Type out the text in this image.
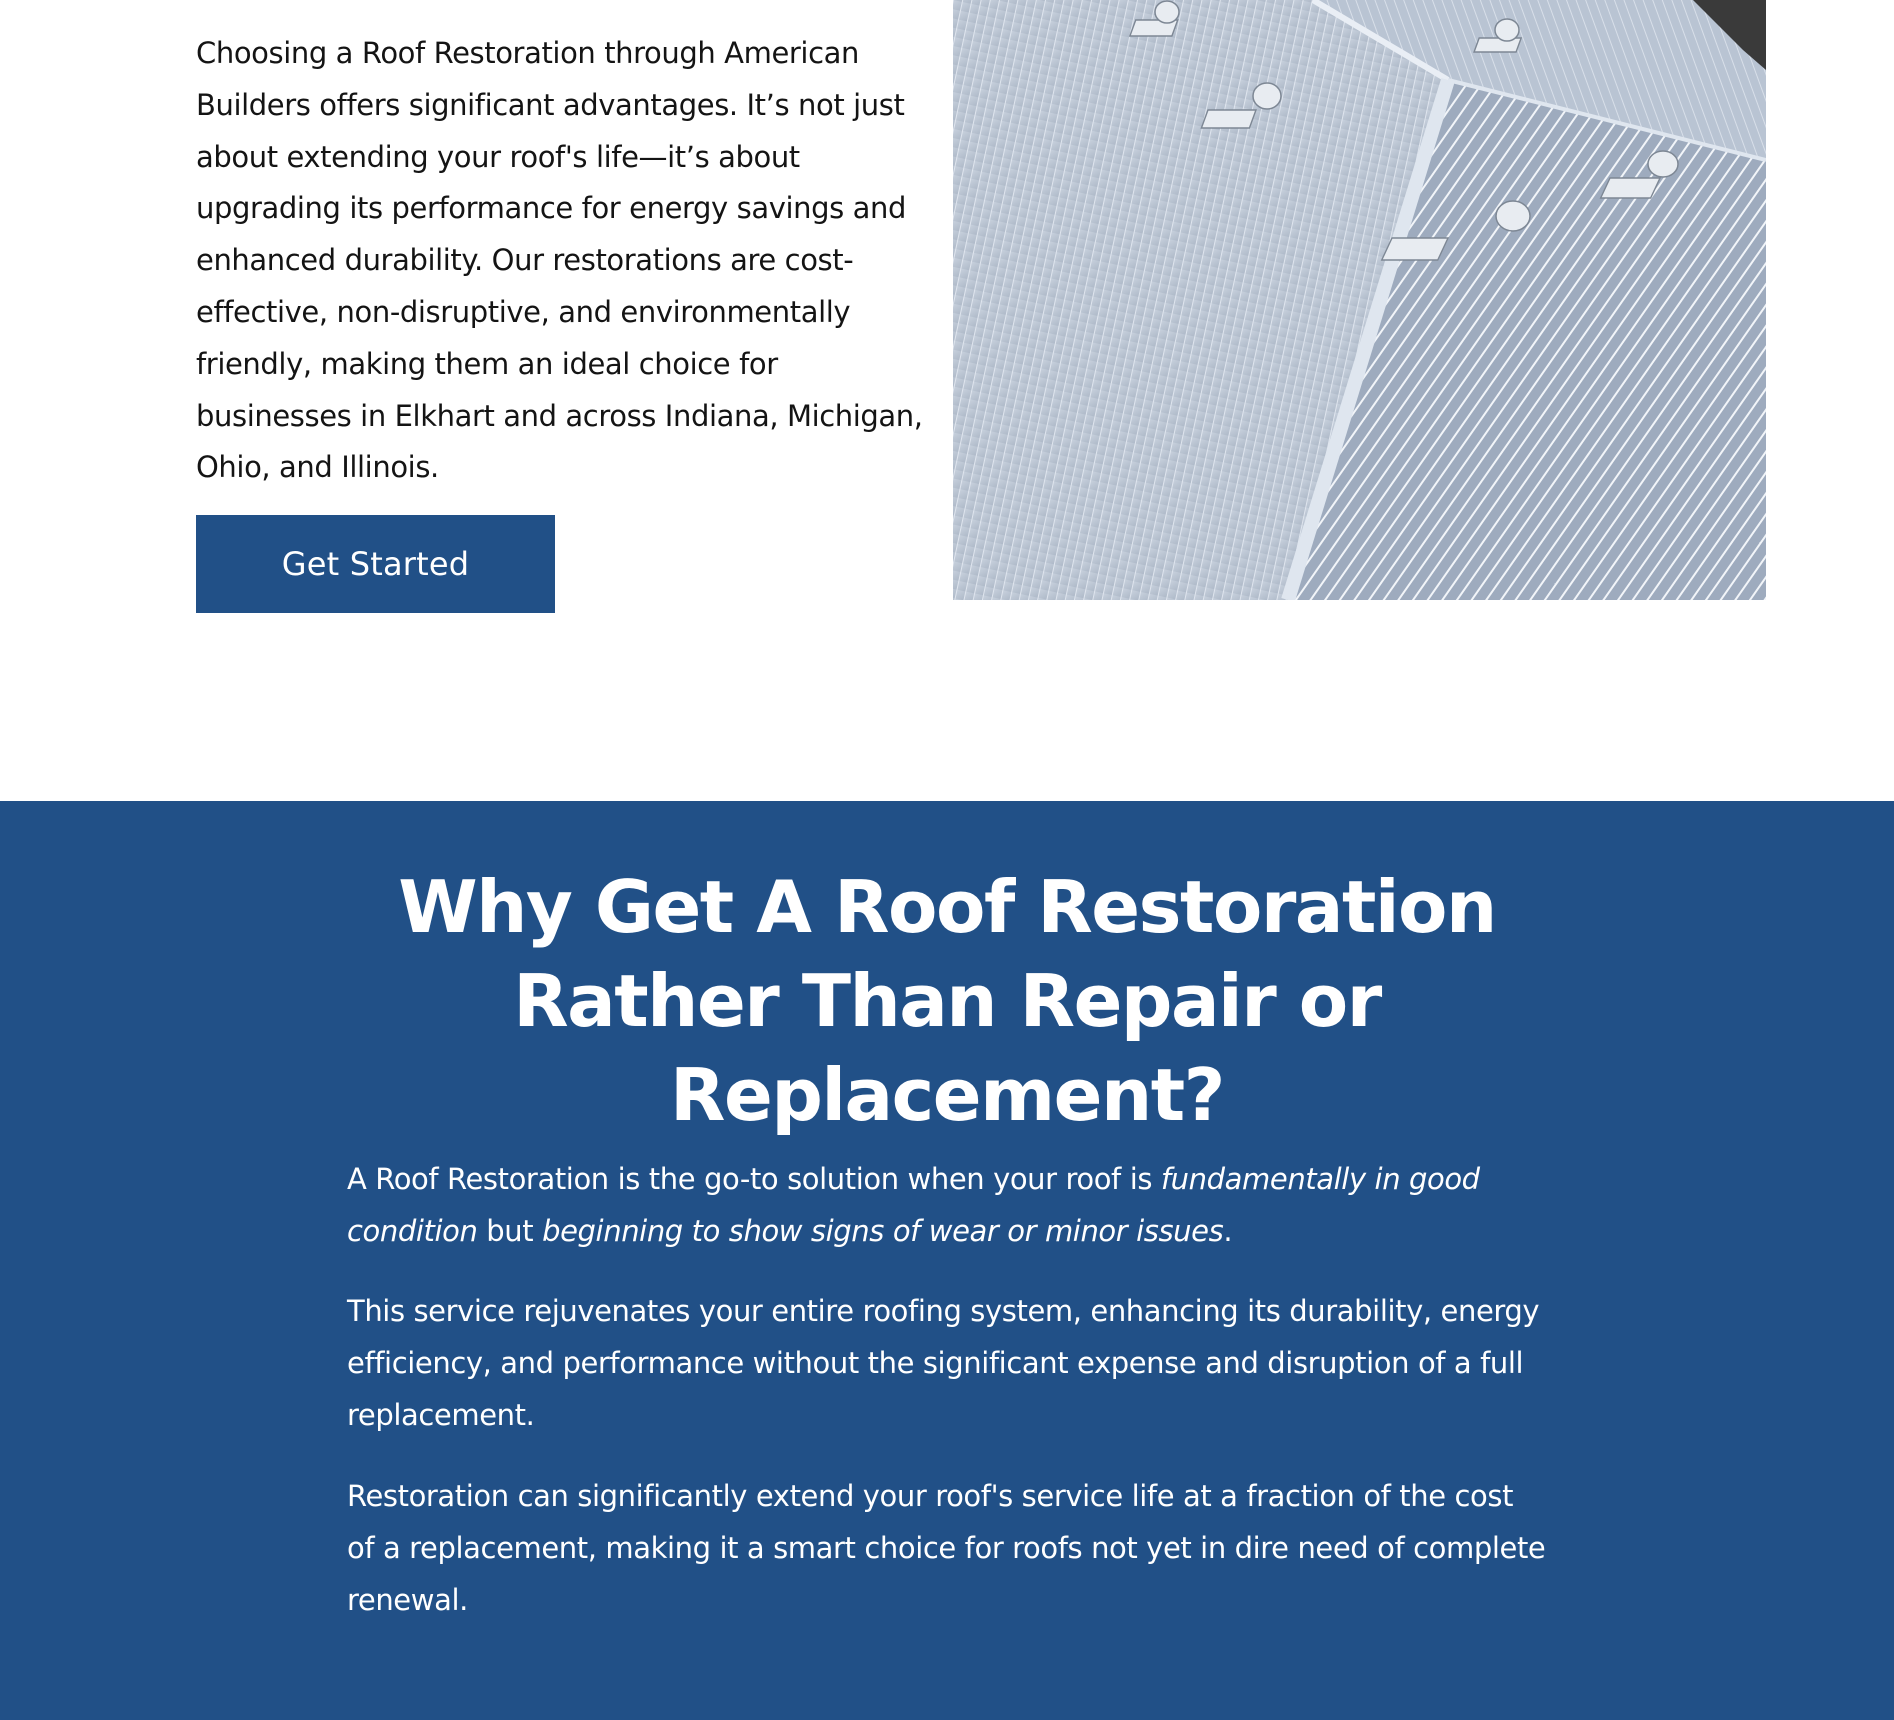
Choosing a Roof Restoration through American Builders offers significant advantages. It’s not just about extending your roof's life—it’s about upgrading its performance for energy savings and enhanced durability. Our restorations are cost-effective, non-disruptive, and environmentally friendly, making them an ideal choice for businesses in Elkhart and across Indiana, Michigan, Ohio, and Illinois.

Get Started
Why Get A Roof Restoration Rather Than Repair or Replacement?

A Roof Restoration is the go-to solution when your roof is fundamentally in good condition but beginning to show signs of wear or minor issues.

This service rejuvenates your entire roofing system, enhancing its durability, energy efficiency, and performance without the significant expense and disruption of a full replacement.

Restoration can significantly extend your roof's service life at a fraction of the cost of a replacement, making it a smart choice for roofs not yet in dire need of complete renewal.
